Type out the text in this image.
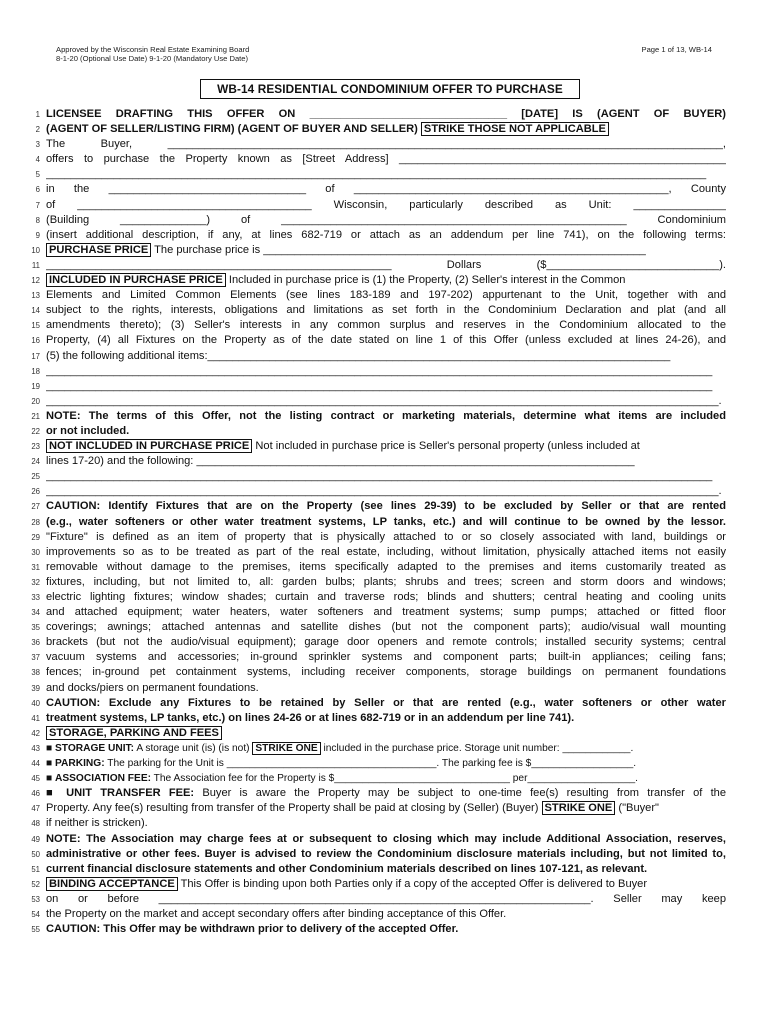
Approved by the Wisconsin Real Estate Examining Board
8-1-20 (Optional Use Date) 9-1-20 (Mandatory Use Date)
Page 1 of 13, WB-14
WB-14 RESIDENTIAL CONDOMINIUM OFFER TO PURCHASE
1 LICENSEE DRAFTING THIS OFFER ON ________________________________ [DATE] IS (AGENT OF BUYER)
2 (AGENT OF SELLER/LISTING FIRM) (AGENT OF BUYER AND SELLER) STRIKE THOSE NOT APPLICABLE
3 The Buyer, __________________________________________________________________________________________,
4 offers to purchase the Property known as [Street Address] _____________________________________________________
5 ___________________________________________________________________________________________________________
6 in the ________________________________ of ___________________________________________________, County
7 of ______________________________________ Wisconsin, particularly described as Unit: _______________
8 (Building ______________) of ________________________________________________________ Condominium
9 (insert additional description, if any, at lines 682-719 or attach as an addendum per line 741), on the following terms:
10 PURCHASE PRICE The purchase price is ______________________________________________________________
11 ________________________________________________________ Dollars ($____________________________).
12 INCLUDED IN PURCHASE PRICE Included in purchase price is (1) the Property, (2) Seller's interest in the Common
13 Elements and Limited Common Elements (see lines 183-189 and 197-202) appurtenant to the Unit, together with and
14 subject to the rights, interests, obligations and limitations as set forth in the Condominium Declaration and plat (and all
15 amendments thereto); (3) Seller's interests in any common surplus and reserves in the Condominium allocated to the
16 Property, (4) all Fixtures on the Property as of the date stated on line 1 of this Offer (unless excluded at lines 24-26), and
17 (5) the following additional items:___________________________________________________________________________
18 ____________________________________________________________________________________________________________
19 ____________________________________________________________________________________________________________
20 _____________________________________________________________________________________________________________.
21 NOTE: The terms of this Offer, not the listing contract or marketing materials, determine what items are included
22 or not included.
23 NOT INCLUDED IN PURCHASE PRICE Not included in purchase price is Seller's personal property (unless included at
24 lines 17-20) and the following: _______________________________________________________________________
25 ____________________________________________________________________________________________________________
26 _____________________________________________________________________________________________________________.
27 CAUTION: Identify Fixtures that are on the Property (see lines 29-39) to be excluded by Seller or that are rented
28 (e.g., water softeners or other water treatment systems, LP tanks, etc.) and will continue to be owned by the lessor.
29 "Fixture" is defined as an item of property that is physically attached to or so closely associated with land, buildings or
30 improvements so as to be treated as part of the real estate, including, without limitation, physically attached items not easily
31 removable without damage to the premises, items specifically adapted to the premises and items customarily treated as
32 fixtures, including, but not limited to, all: garden bulbs; plants; shrubs and trees; screen and storm doors and windows;
33 electric lighting fixtures; window shades; curtain and traverse rods; blinds and shutters; central heating and cooling units
34 and attached equipment; water heaters, water softeners and treatment systems; sump pumps; attached or fitted floor
35 coverings; awnings; attached antennas and satellite dishes (but not the component parts); audio/visual wall mounting
36 brackets (but not the audio/visual equipment); garage door openers and remote controls; installed security systems; central
37 vacuum systems and accessories; in-ground sprinkler systems and component parts; built-in appliances; ceiling fans;
38 fences; in-ground pet containment systems, including receiver components, storage buildings on permanent foundations
39 and docks/piers on permanent foundations.
40 CAUTION: Exclude any Fixtures to be retained by Seller or that are rented (e.g., water softeners or other water
41 treatment systems, LP tanks, etc.) on lines 24-26 or at lines 682-719 or in an addendum per line 741).
42 STORAGE, PARKING AND FEES
43 ■ STORAGE UNIT: A storage unit (is) (is not) STRIKE ONE included in the purchase price. Storage unit number: ____________.
44 ■ PARKING: The parking for the Unit is _____________________________________. The parking fee is $__________________.
45 ■ ASSOCIATION FEE: The Association fee for the Property is $_______________________________ per___________________.
46 ■ UNIT TRANSFER FEE: Buyer is aware the Property may be subject to one-time fee(s) resulting from transfer of the
47 Property. Any fee(s) resulting from transfer of the Property shall be paid at closing by (Seller) (Buyer) STRIKE ONE ("Buyer"
48 if neither is stricken).
49 NOTE: The Association may charge fees at or subsequent to closing which may include Additional Association, reserves,
50 administrative or other fees. Buyer is advised to review the Condominium disclosure materials including, but not limited to,
51 current financial disclosure statements and other Condominium materials described on lines 107-121, as relevant.
52 BINDING ACCEPTANCE This Offer is binding upon both Parties only if a copy of the accepted Offer is delivered to Buyer
53 on or before ______________________________________________________________________. Seller may keep
54 the Property on the market and accept secondary offers after binding acceptance of this Offer.
55 CAUTION: This Offer may be withdrawn prior to delivery of the accepted Offer.
